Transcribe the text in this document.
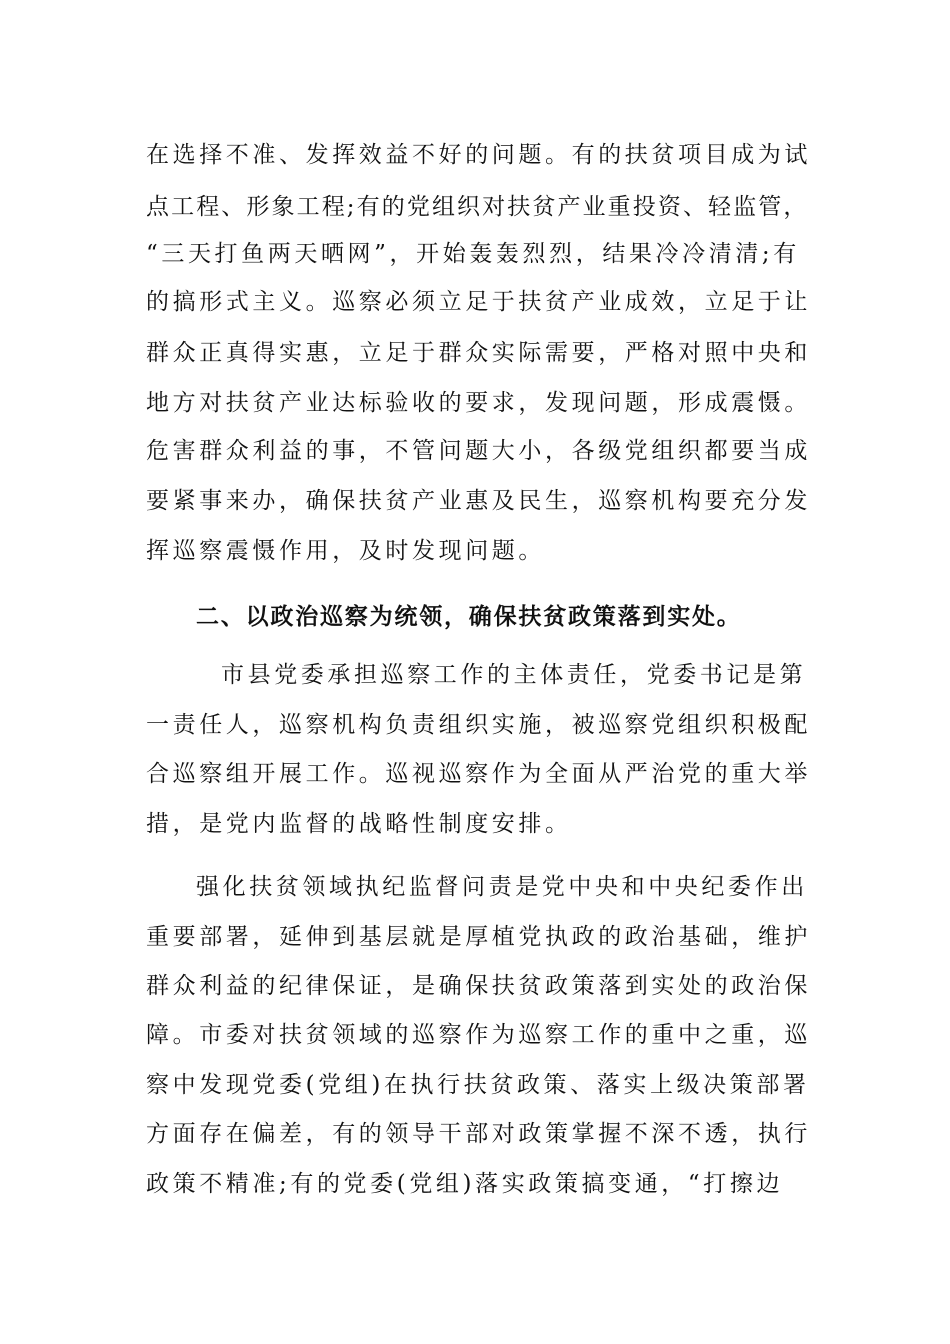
在选择不准、发挥效益不好的问题。有的扶贫项目成为试

点工程、形象工程;有的党组织对扶贫产业重投资、轻监管，

“三天打鱼两天晒网”，开始轰轰烈烈，结果冷冷清清;有

的搞形式主义。巡察必须立足于扶贫产业成效，立足于让

群众正真得实惠，立足于群众实际需要，严格对照中央和

地方对扶贫产业达标验收的要求，发现问题，形成震慑。

危害群众利益的事，不管问题大小，各级党组织都要当成

要紧事来办，确保扶贫产业惠及民生，巡察机构要充分发

挥巡察震慑作用，及时发现问题。

二、以政治巡察为统领，确保扶贫政策落到实处。

市县党委承担巡察工作的主体责任，党委书记是第

一责任人，巡察机构负责组织实施，被巡察党组织积极配

合巡察组开展工作。巡视巡察作为全面从严治党的重大举

措，是党内监督的战略性制度安排。

强化扶贫领域执纪监督问责是党中央和中央纪委作出

重要部署，延伸到基层就是厚植党执政的政治基础，维护

群众利益的纪律保证，是确保扶贫政策落到实处的政治保

障。市委对扶贫领域的巡察作为巡察工作的重中之重，巡

察中发现党委(党组)在执行扶贫政策、落实上级决策部署

方面存在偏差，有的领导干部对政策掌握不深不透，执行

政策不精准;有的党委(党组)落实政策搞变通，“打擦边
